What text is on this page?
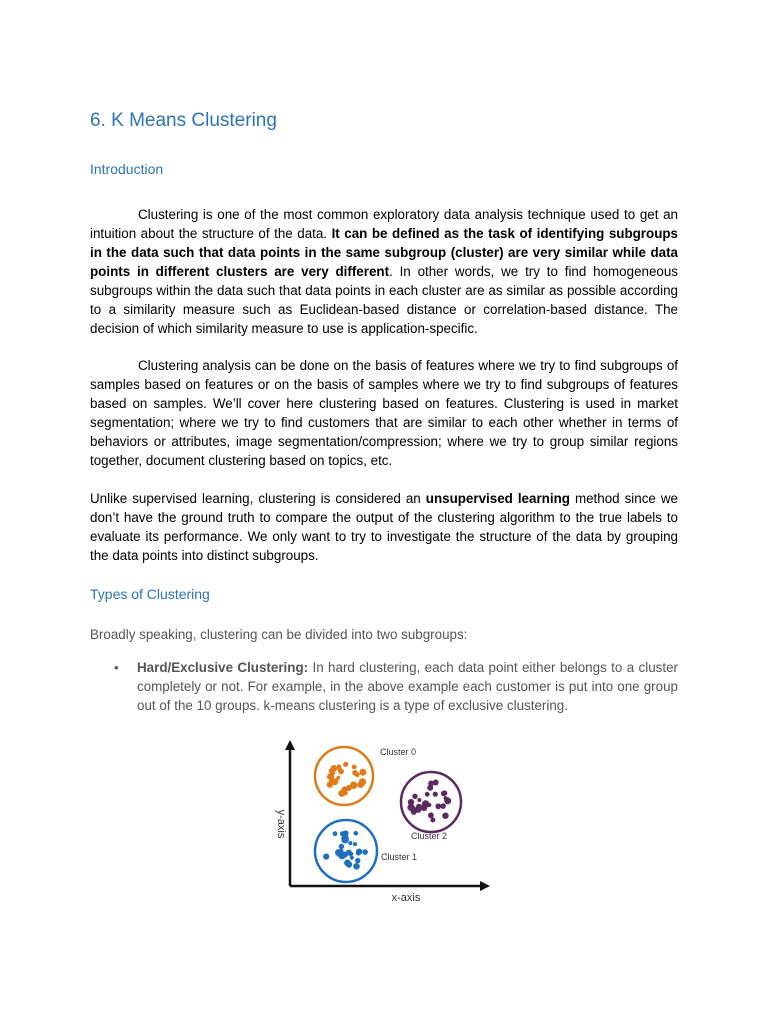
6. K Means Clustering
Introduction

Clustering is one of the most common exploratory data analysis technique used to get an intuition about the structure of the data. It can be defined as the task of identifying subgroups in the data such that data points in the same subgroup (cluster) are very similar while data points in different clusters are very different. In other words, we try to find homogeneous subgroups within the data such that data points in each cluster are as similar as possible according to a similarity measure such as Euclidean-based distance or correlation-based distance. The decision of which similarity measure to use is application-specific.

Clustering analysis can be done on the basis of features where we try to find subgroups of samples based on features or on the basis of samples where we try to find subgroups of features based on samples. We’ll cover here clustering based on features. Clustering is used in market segmentation; where we try to find customers that are similar to each other whether in terms of behaviors or attributes, image segmentation/compression; where we try to group similar regions together, document clustering based on topics, etc.

Unlike supervised learning, clustering is considered an unsupervised learning method since we don’t have the ground truth to compare the output of the clustering algorithm to the true labels to evaluate its performance. We only want to try to investigate the structure of the data by grouping the data points into distinct subgroups.

Types of Clustering

Broadly speaking, clustering can be divided into two subgroups:

• Hard/Exclusive Clustering: In hard clustering, each data point either belongs to a cluster completely or not. For example, in the above example each customer is put into one group out of the 10 groups. k-means clustering is a type of exclusive clustering.

y-axis
x-axis
Cluster 0
Cluster 1
Cluster 2
